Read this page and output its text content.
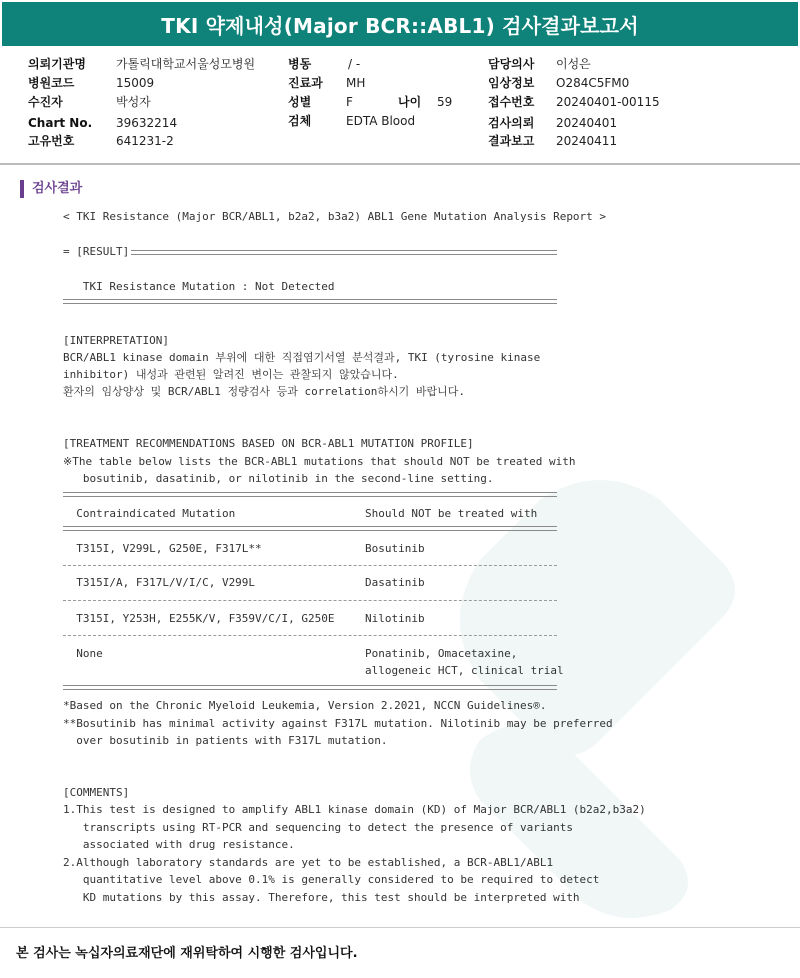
TKI 약제내성(Major BCR::ABL1) 검사결과보고서
의뢰기관명	가톨릭대학교서울성모병원
병원코드	15009
수진자	박성자
Chart No. 39632214
고유번호	641231-2
병동	/ -
진료과 MH
성별	F	나이 59
검체	EDTA Blood
담당의사 이성은
임상정보 O284C5FM0
접수번호 20240401-00115
검사의뢰 20240401
결과보고 20240411
검사결과
< TKI Resistance (Major BCR/ABL1, b2a2, b3a2) ABL1 Gene Mutation Analysis Report >
= [RESULT]
TKI Resistance Mutation : Not Detected
[INTERPRETATION]
BCR/ABL1 kinase domain 부위에 대한 직접염기서열 분석결과, TKI (tyrosine kinase
inhibitor) 내성과 관련된 알려진 변이는 관찰되지 않았습니다.
환자의 임상양상 및 BCR/ABL1 정량검사 등과 correlation하시기 바랍니다.
[TREATMENT RECOMMENDATIONS BASED ON BCR-ABL1 MUTATION PROFILE]
※The table below lists the BCR-ABL1 mutations that should NOT be treated with
bosutinib, dasatinib, or nilotinib in the second-line setting.
Contraindicated Mutation	Should NOT be treated with
T315I, V299L, G250E, F317L**	Bosutinib
T315I/A, F317L/V/I/C, V299L	Dasatinib
T315I, Y253H, E255K/V, F359V/C/I, G250E	Nilotinib
None	Ponatinib, Omacetaxine,
allogeneic HCT, clinical trial
*Based on the Chronic Myeloid Leukemia, Version 2.2021, NCCN Guidelines®.
**Bosutinib has minimal activity against F317L mutation. Nilotinib may be preferred
over bosutinib in patients with F317L mutation.
[COMMENTS]
1.This test is designed to amplify ABL1 kinase domain (KD) of Major BCR/ABL1 (b2a2,b3a2)
transcripts using RT-PCR and sequencing to detect the presence of variants
associated with drug resistance.
2.Although laboratory standards are yet to be established, a BCR-ABL1/ABL1
quantitative level above 0.1% is generally considered to be required to detect
KD mutations by this assay. Therefore, this test should be interpreted with
본 검사는 녹십자의료재단에 재위탁하여 시행한 검사입니다.
